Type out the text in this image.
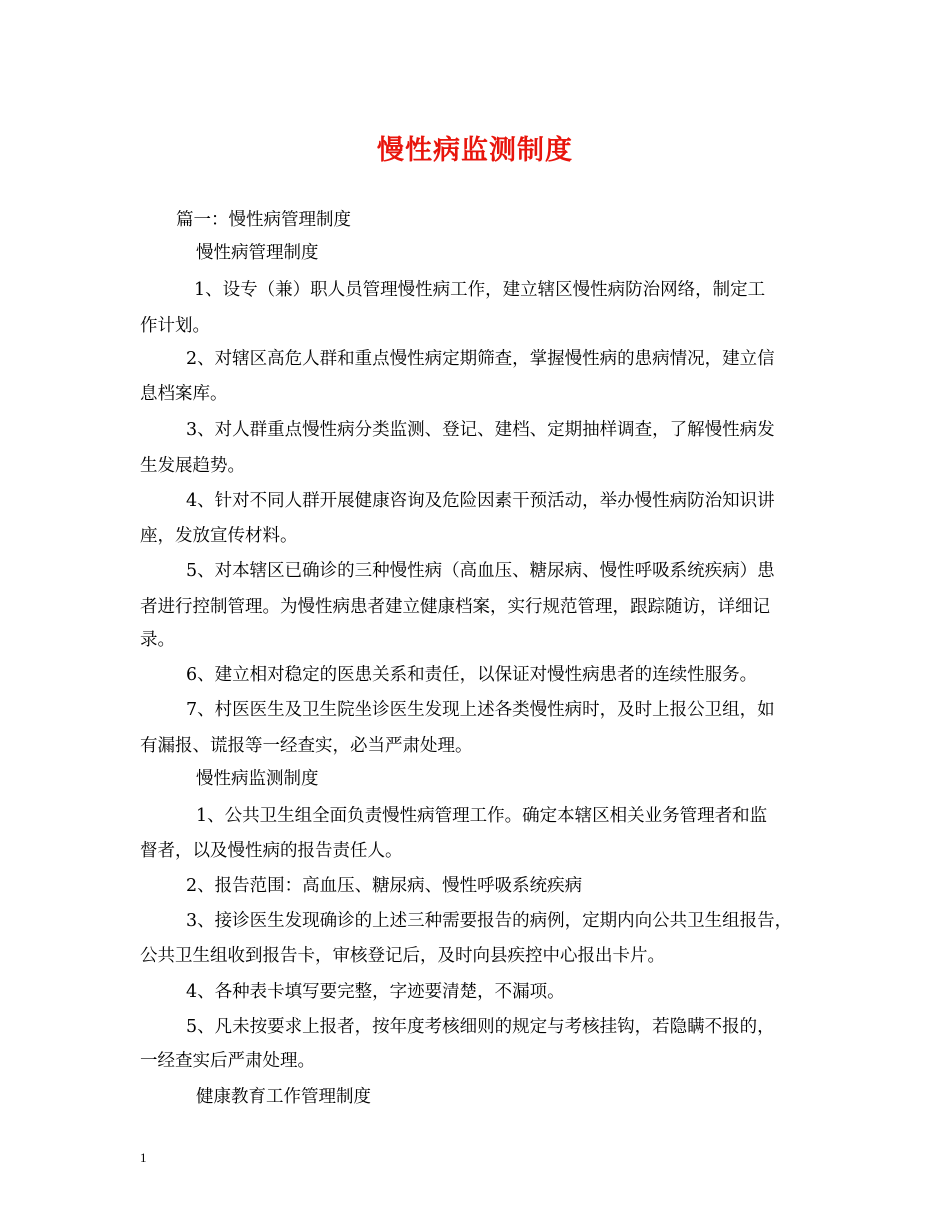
慢性病监测制度
篇一：慢性病管理制度
慢性病管理制度
1、设专（兼）职人员管理慢性病工作，建立辖区慢性病防治网络，制定工
作计划。
2、对辖区高危人群和重点慢性病定期筛查，掌握慢性病的患病情况，建立信
息档案库。
3、对人群重点慢性病分类监测、登记、建档、定期抽样调查，了解慢性病发
生发展趋势。
4、针对不同人群开展健康咨询及危险因素干预活动，举办慢性病防治知识讲
座，发放宣传材料。
5、对本辖区已确诊的三种慢性病（高血压、糖尿病、慢性呼吸系统疾病）患
者进行控制管理。为慢性病患者建立健康档案，实行规范管理，跟踪随访，详细记
录。
6、建立相对稳定的医患关系和责任，以保证对慢性病患者的连续性服务。
7、村医医生及卫生院坐诊医生发现上述各类慢性病时，及时上报公卫组，如
有漏报、谎报等一经查实，必当严肃处理。
慢性病监测制度
1、公共卫生组全面负责慢性病管理工作。确定本辖区相关业务管理者和监
督者，以及慢性病的报告责任人。
2、报告范围：高血压、糖尿病、慢性呼吸系统疾病
3、接诊医生发现确诊的上述三种需要报告的病例，定期内向公共卫生组报告，
公共卫生组收到报告卡，审核登记后，及时向县疾控中心报出卡片。
4、各种表卡填写要完整，字迹要清楚，不漏项。
5、凡未按要求上报者，按年度考核细则的规定与考核挂钩，若隐瞒不报的，
一经查实后严肃处理。
健康教育工作管理制度
1
